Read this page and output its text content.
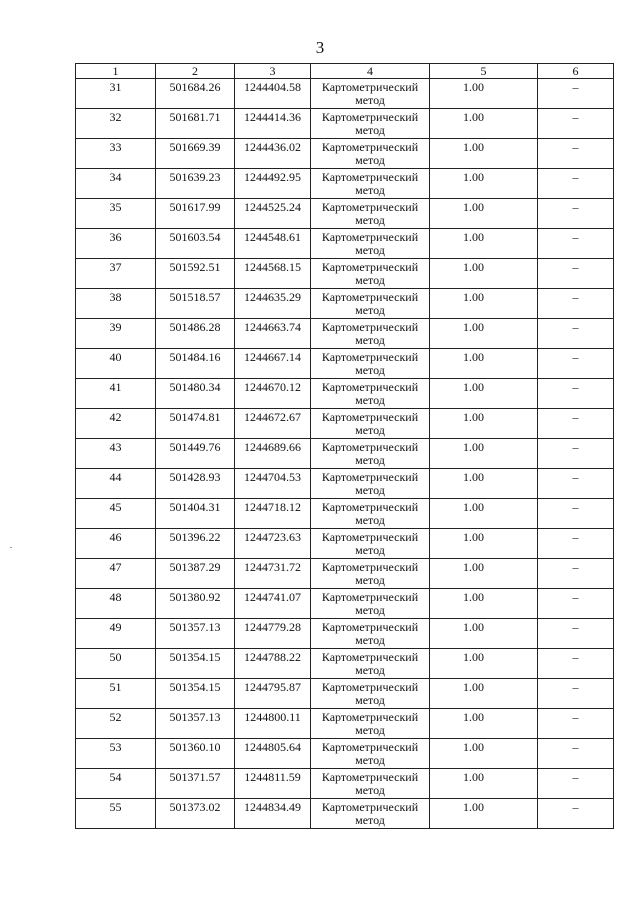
3
1	2	3	4	5	6
31	501684.26	1244404.58	Картометрический метод	1.00	–
32	501681.71	1244414.36	Картометрический метод	1.00	–
33	501669.39	1244436.02	Картометрический метод	1.00	–
34	501639.23	1244492.95	Картометрический метод	1.00	–
35	501617.99	1244525.24	Картометрический метод	1.00	–
36	501603.54	1244548.61	Картометрический метод	1.00	–
37	501592.51	1244568.15	Картометрический метод	1.00	–
38	501518.57	1244635.29	Картометрический метод	1.00	–
39	501486.28	1244663.74	Картометрический метод	1.00	–
40	501484.16	1244667.14	Картометрический метод	1.00	–
41	501480.34	1244670.12	Картометрический метод	1.00	–
42	501474.81	1244672.67	Картометрический метод	1.00	–
43	501449.76	1244689.66	Картометрический метод	1.00	–
44	501428.93	1244704.53	Картометрический метод	1.00	–
45	501404.31	1244718.12	Картометрический метод	1.00	–
46	501396.22	1244723.63	Картометрический метод	1.00	–
47	501387.29	1244731.72	Картометрический метод	1.00	–
48	501380.92	1244741.07	Картометрический метод	1.00	–
49	501357.13	1244779.28	Картометрический метод	1.00	–
50	501354.15	1244788.22	Картометрический метод	1.00	–
51	501354.15	1244795.87	Картометрический метод	1.00	–
52	501357.13	1244800.11	Картометрический метод	1.00	–
53	501360.10	1244805.64	Картометрический метод	1.00	–
54	501371.57	1244811.59	Картометрический метод	1.00	–
55	501373.02	1244834.49	Картометрический метод	1.00	–
